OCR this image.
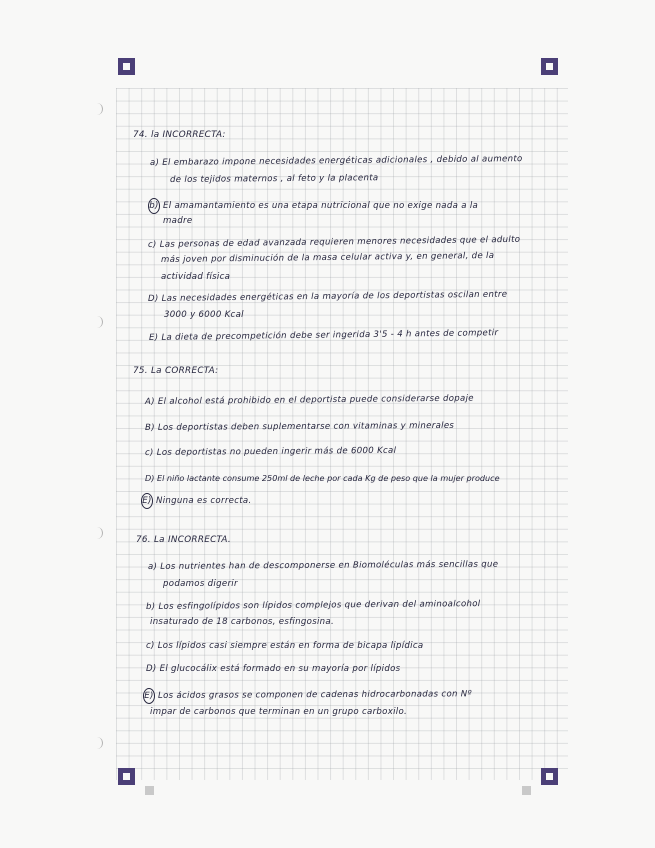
74. la INCORRECTA:
a) El embarazo impone necesidades energéticas adicionales , debido al aumento
de los tejidos maternos , al feto y la placenta
b) El amamantamiento es una etapa nutricional que no exige nada a la
madre
c) Las personas de edad avanzada requieren menores necesidades que el adulto
más joven por disminución de la masa celular activa y, en general, de la
actividad física
D) Las necesidades energéticas en la mayoría de los deportistas oscilan entre
3000 y 6000 Kcal
E) La dieta de precompetición debe ser ingerida 3'5 - 4 h antes de competir
75. La CORRECTA:
A) El alcohol está prohibido en el deportista puede considerarse dopaje
B) Los deportistas deben suplementarse con vitaminas y minerales
c) Los deportistas no pueden ingerir más de 6000 Kcal
D) El niño lactante consume 250ml de leche por cada Kg de peso que la mujer produce
E) Ninguna es correcta.
76. La INCORRECTA.
a) Los nutrientes han de descomponerse en Biomoléculas más sencillas que
podamos digerir
b) Los esfingolípidos son lípidos complejos que derivan del aminoalcohol
insaturado de 18 carbonos, esfingosina.
c) Los lípidos casi siempre están en forma de bicapa lipídica
D) El glucocálix está formado en su mayoría por lípidos
E) Los ácidos grasos se componen de cadenas hidrocarbonadas con Nº
impar de carbonos que terminan en un grupo carboxilo.
